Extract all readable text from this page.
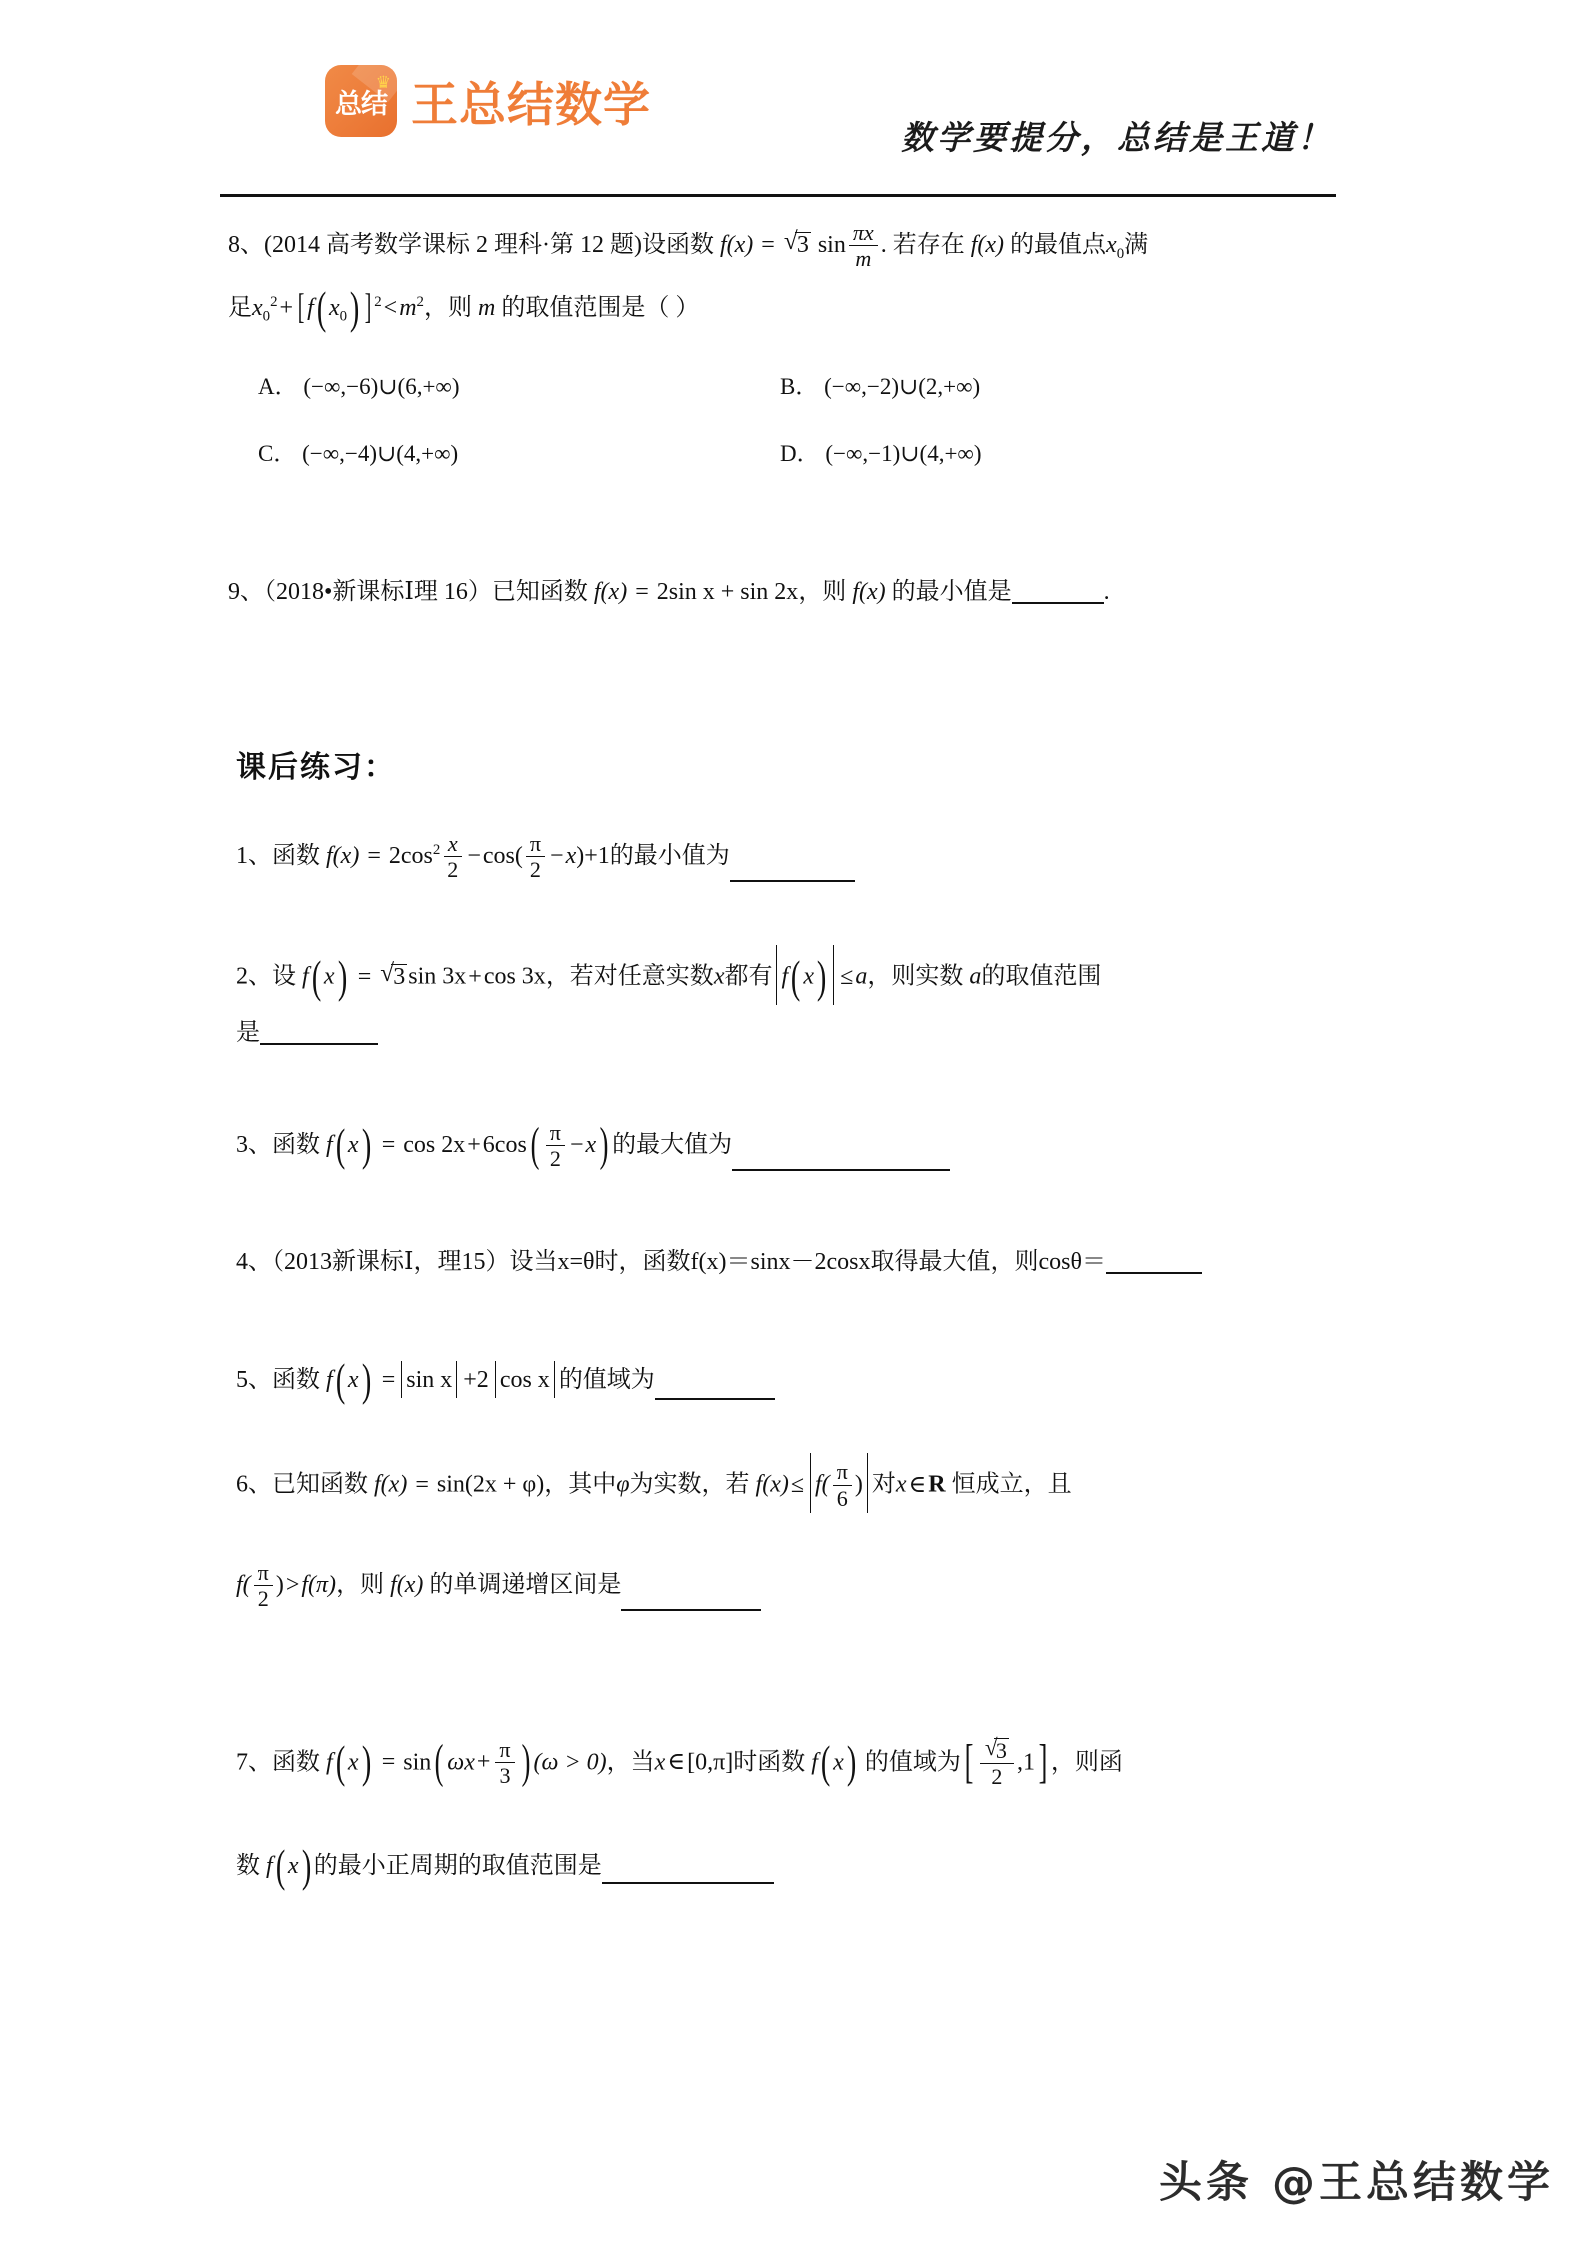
♛
总结 王总结数学
数学要提分，总结是王道！
8、(2014 高考数学课标 2 理科·第 12 题)设函数 f(x) = √ 3 $\sin \frac{\pi x}{m}$ . 若存在 f(x) 的最值点$x_0$满
足$x_0^2+$ [ f( $x_0$) ] $^2<m^2$，则 m 的取值范围是（ ）
A． (−∞,−6)∪(6,+∞)	B． (−∞,−2)∪(2,+∞)
C． (−∞,−4)∪(4,+∞)	D． (−∞,−1)∪(4,+∞)
9、（2018•新课标Ⅰ理 16）已知函数 f(x) = 2sin x + sin 2x，则 f(x) 的最小值是	.
课后练习：
1、函数 $f(x) = 2\cos^2 \frac{x}{2} -\cos( \frac{\pi}{2} -x)+1$的最小值为
2、设 f( x) = √ 3 sin 3x+cos 3x，若对任意实数x都有 f( x) ≤a，则实数 a的取值范围
是
3、函数 f( $x) = \cos 2x+6\cos( \frac{\pi}{2} -x)$ 的最大值为
4、（2013新课标Ⅰ，理15）设当x=θ时，函数f(x)＝sinx－2cosx取得最大值，则cosθ＝
5、函数 f( x) = sin x +2 cos x 的值域为
6、已知函数 f(x) = sin(2x + φ)，其中φ为实数，若 $f(x)\le f( \frac{\pi}{6}$ ) 对x∈R 恒成立，且
$f( \frac{\pi}{2} )>f(\pi)$，则 f(x) 的单调递增区间是
7、函数 f( x) = sin( $\omega x+ \frac{\pi}{3}$ ) (ω > 0)，当x∈[0,π]时函数 f( x) 的值域为[ √ $\frac{3}{2} ,1$] ，则函
数 f( x) 的最小正周期的取值范围是
头条 @王总结数学
